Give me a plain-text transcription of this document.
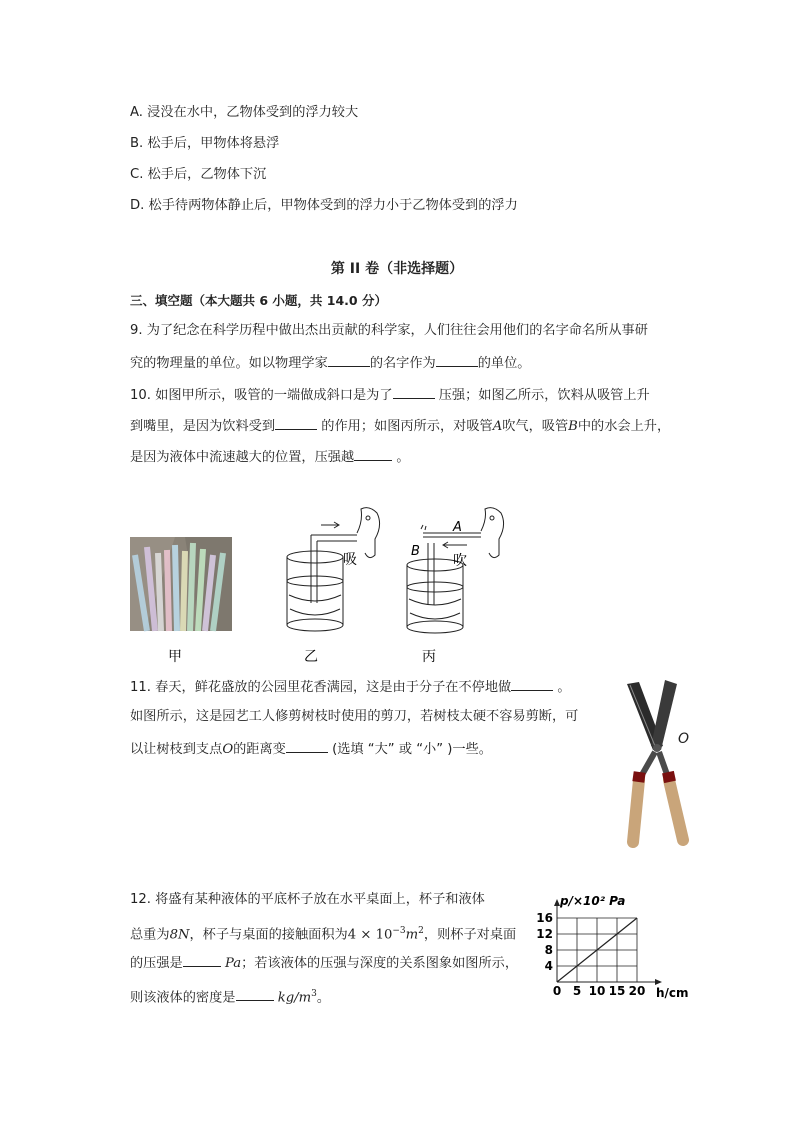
A. 浸没在水中，乙物体受到的浮力较大
B. 松手后，甲物体将悬浮
C. 松手后，乙物体下沉
D. 松手待两物体静止后，甲物体受到的浮力小于乙物体受到的浮力
第 II 卷（非选择题）
三、填空题（本大题共 6 小题，共 14.0 分）
9. 为了纪念在科学历程中做出杰出贡献的科学家，人们往往会用他们的名字命名所从事研
究的物理量的单位。如以物理学家	的名字作为	的单位。
10. 如图甲所示，吸管的一端做成斜口是为了	压强；如图乙所示，饮料从吸管上升
到嘴里，是因为饮料受到	的作用；如图丙所示，对吸管A吹气，吸管B中的水会上升，
是因为液体中流速越大的位置，压强越	。
吸	吹
A
B
甲	乙	丙
11. 春天，鲜花盛放的公园里花香满园，这是由于分子在不停地做	。
如图所示，这是园艺工人修剪树枝时使用的剪刀，若树枝太硬不容易剪断，可
以让树枝到支点O的距离变	(选填 “大” 或 “小” )一些。
O
12. 将盛有某种液体的平底杯子放在水平桌面上，杯子和液体
总重为8N，杯子与桌面的接触面积为$4 \times 10^{-3}m^2$，则杯子对桌面
的压强是	Pa；若该液体的压强与深度的关系图象如图所示，
则该液体的密度是	$kg/m^3$。	0 5 10 15 20
4
8
12
16
p/×10² Pa
h/cm
